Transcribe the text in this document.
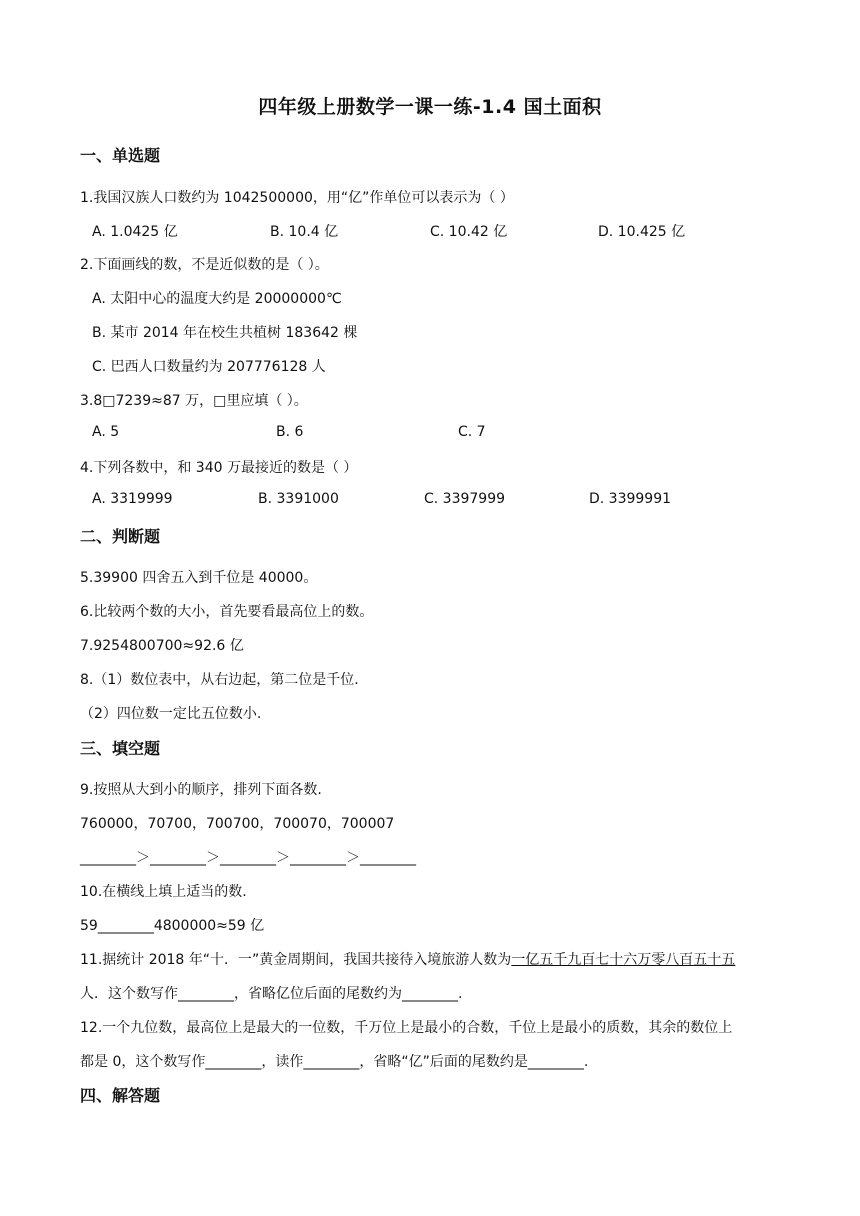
四年级上册数学一课一练-1.4 国土面积
一、单选题
1.我国汉族人口数约为 1042500000，用“亿”作单位可以表示为（ ）
A. 1.0425 亿	B. 10.4 亿	C. 10.42 亿	D. 10.425 亿
2.下面画线的数，不是近似数的是（ ）。
A. 太阳中心的温度大约是 20000000℃
B. 某市 2014 年在校生共植树 183642 棵
C. 巴西人口数量约为 207776128 人
3.8□7239≈87 万，□里应填（ ）。
A. 5	B. 6	C. 7
4.下列各数中，和 340 万最接近的数是（ ）
A. 3319999	B. 3391000	C. 3397999	D. 3399991
二、判断题
5.39900 四舍五入到千位是 40000。
6.比较两个数的大小，首先要看最高位上的数。
7.9254800700≈92.6 亿
8.（1）数位表中，从右边起，第二位是千位.
（2）四位数一定比五位数小.
三、填空题
9.按照从大到小的顺序，排列下面各数.
760000，70700，700700，700070，700007
________＞________＞________＞________＞________
10.在横线上填上适当的数.
59________4800000≈59 亿
11.据统计 2018 年“十．一”黄金周期间，我国共接待入境旅游人数为一亿五千九百七十六万零八百五十五
人．这个数写作________，省略亿位后面的尾数约为________.
12.一个九位数，最高位上是最大的一位数，千万位上是最小的合数，千位上是最小的质数，其余的数位上
都是 0，这个数写作________，读作________，省略“亿”后面的尾数约是________.
四、解答题
